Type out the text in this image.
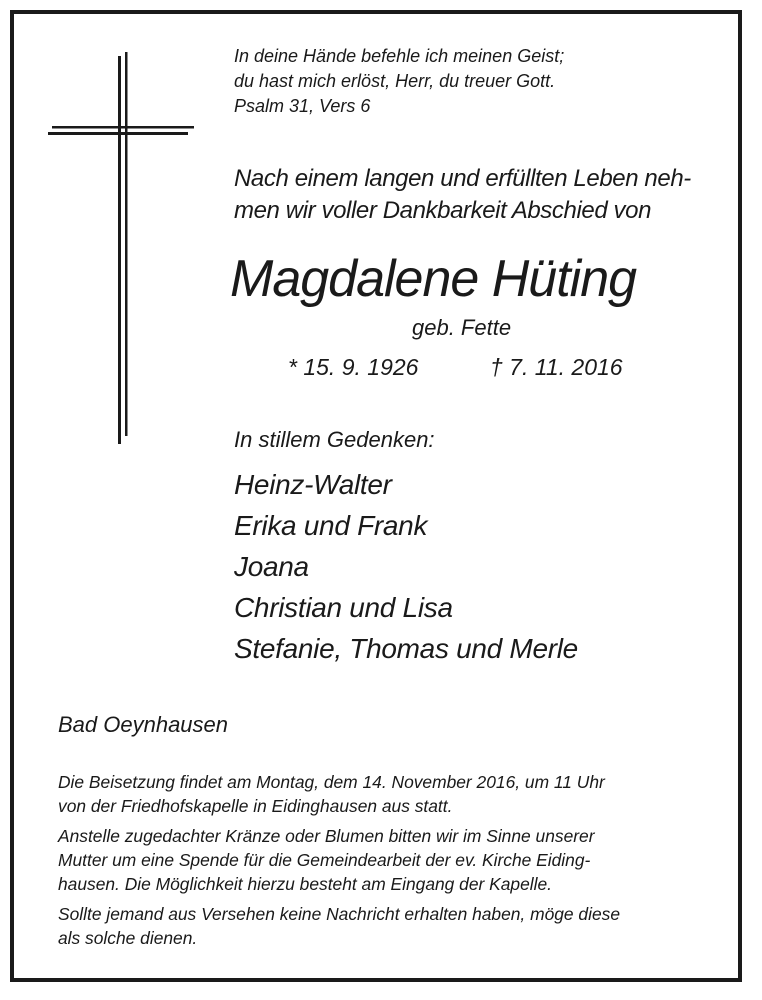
In deine Hände befehle ich meinen Geist;
du hast mich erlöst, Herr, du treuer Gott.
Psalm 31, Vers 6
Nach einem langen und erfüllten Leben neh-
men wir voller Dankbarkeit Abschied von
Magdalene Hüting
geb. Fette
* 15. 9. 1926	† 7. 11. 2016
In stillem Gedenken:
Heinz-Walter
Erika und Frank
Joana
Christian und Lisa
Stefanie, Thomas und Merle
Bad Oeynhausen

Die Beisetzung findet am Montag, dem 14. November 2016, um 11 Uhr
von der Friedhofskapelle in Eidinghausen aus statt.

Anstelle zugedachter Kränze oder Blumen bitten wir im Sinne unserer
Mutter um eine Spende für die Gemeindearbeit der ev. Kirche Eiding-
hausen. Die Möglichkeit hierzu besteht am Eingang der Kapelle.

Sollte jemand aus Versehen keine Nachricht erhalten haben, möge diese
als solche dienen.
